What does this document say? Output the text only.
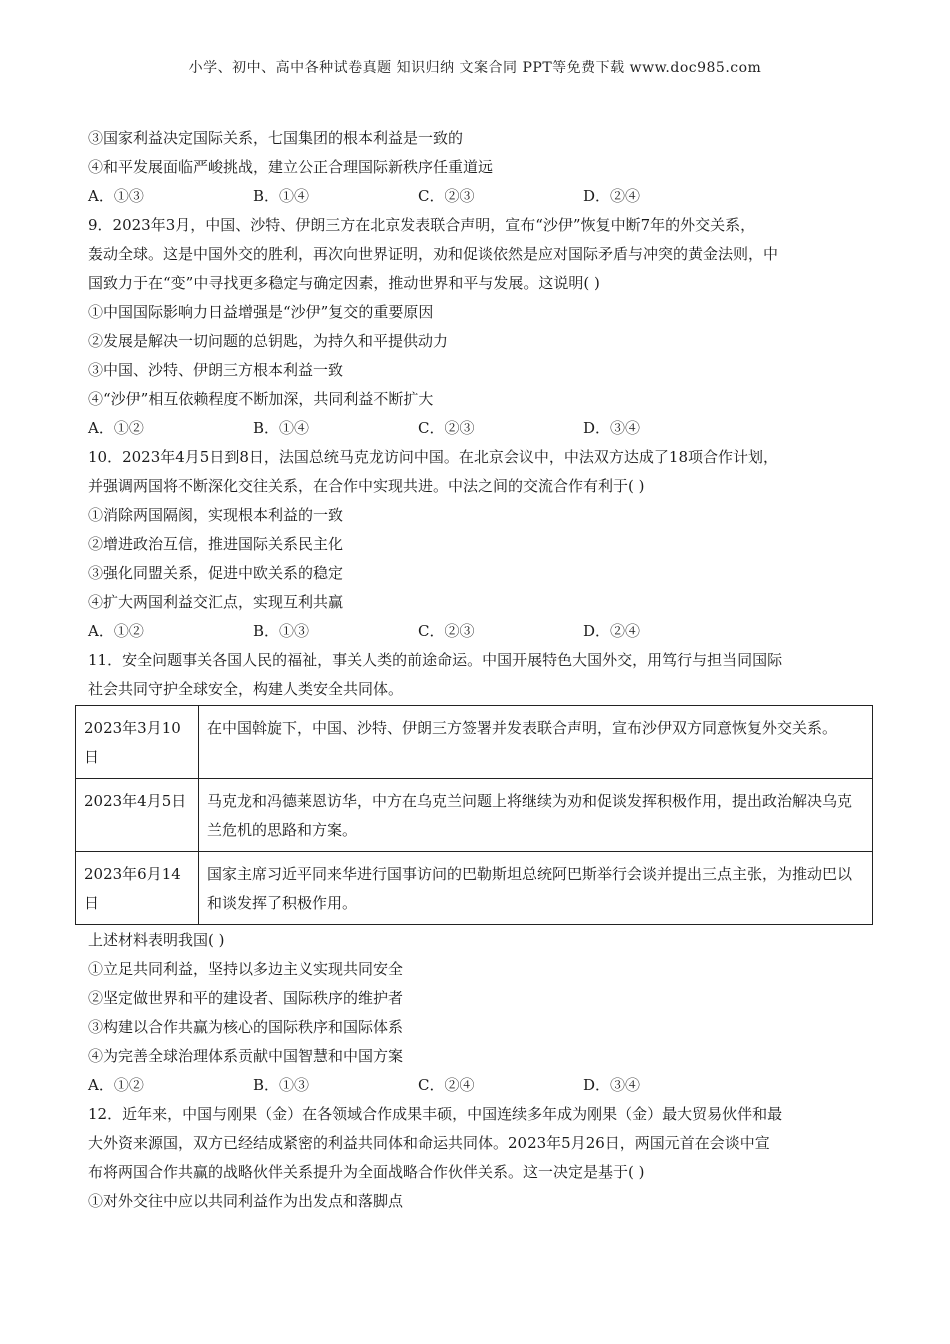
小学、初中、高中各种试卷真题 知识归纳 文案合同 PPT等免费下载 www.doc985.com
③国家利益决定国际关系，七国集团的根本利益是一致的
④和平发展面临严峻挑战，建立公正合理国际新秩序任重道远
A．①③	B．①④	C．②③	D．②④
9．2023年3月，中国、沙特、伊朗三方在北京发表联合声明，宣布“沙伊”恢复中断7年的外交关系，
轰动全球。这是中国外交的胜利，再次向世界证明，劝和促谈依然是应对国际矛盾与冲突的黄金法则，中
国致力于在“变”中寻找更多稳定与确定因素，推动世界和平与发展。这说明( )
①中国国际影响力日益增强是“沙伊”复交的重要原因
②发展是解决一切问题的总钥匙，为持久和平提供动力
③中国、沙特、伊朗三方根本利益一致
④“沙伊”相互依赖程度不断加深，共同利益不断扩大
A．①②	B．①④	C．②③	D．③④
10．2023年4月5日到8日，法国总统马克龙访问中国。在北京会议中，中法双方达成了18项合作计划，
并强调两国将不断深化交往关系，在合作中实现共进。中法之间的交流合作有利于( )
①消除两国隔阂，实现根本利益的一致
②增进政治互信，推进国际关系民主化
③强化同盟关系，促进中欧关系的稳定
④扩大两国利益交汇点，实现互利共赢
A．①②	B．①③	C．②③	D．②④
11．安全问题事关各国人民的福祉，事关人类的前途命运。中国开展特色大国外交，用笃行与担当同国际
社会共同守护全球安全，构建人类安全共同体。
2023年3月10日	在中国斡旋下，中国、沙特、伊朗三方签署并发表联合声明，宣布沙伊双方同意恢复外交关系。
2023年4月5日	马克龙和冯德莱恩访华，中方在乌克兰问题上将继续为劝和促谈发挥积极作用，提出政治解决乌克兰危机的思路和方案。
2023年6月14日	国家主席习近平同来华进行国事访问的巴勒斯坦总统阿巴斯举行会谈并提出三点主张，为推动巴以和谈发挥了积极作用。
上述材料表明我国( )
①立足共同利益，坚持以多边主义实现共同安全
②坚定做世界和平的建设者、国际秩序的维护者
③构建以合作共赢为核心的国际秩序和国际体系
④为完善全球治理体系贡献中国智慧和中国方案
A．①②	B．①③	C．②④	D．③④
12．近年来，中国与刚果（金）在各领域合作成果丰硕，中国连续多年成为刚果（金）最大贸易伙伴和最
大外资来源国，双方已经结成紧密的利益共同体和命运共同体。2023年5月26日，两国元首在会谈中宣
布将两国合作共赢的战略伙伴关系提升为全面战略合作伙伴关系。这一决定是基于( )
①对外交往中应以共同利益作为出发点和落脚点
